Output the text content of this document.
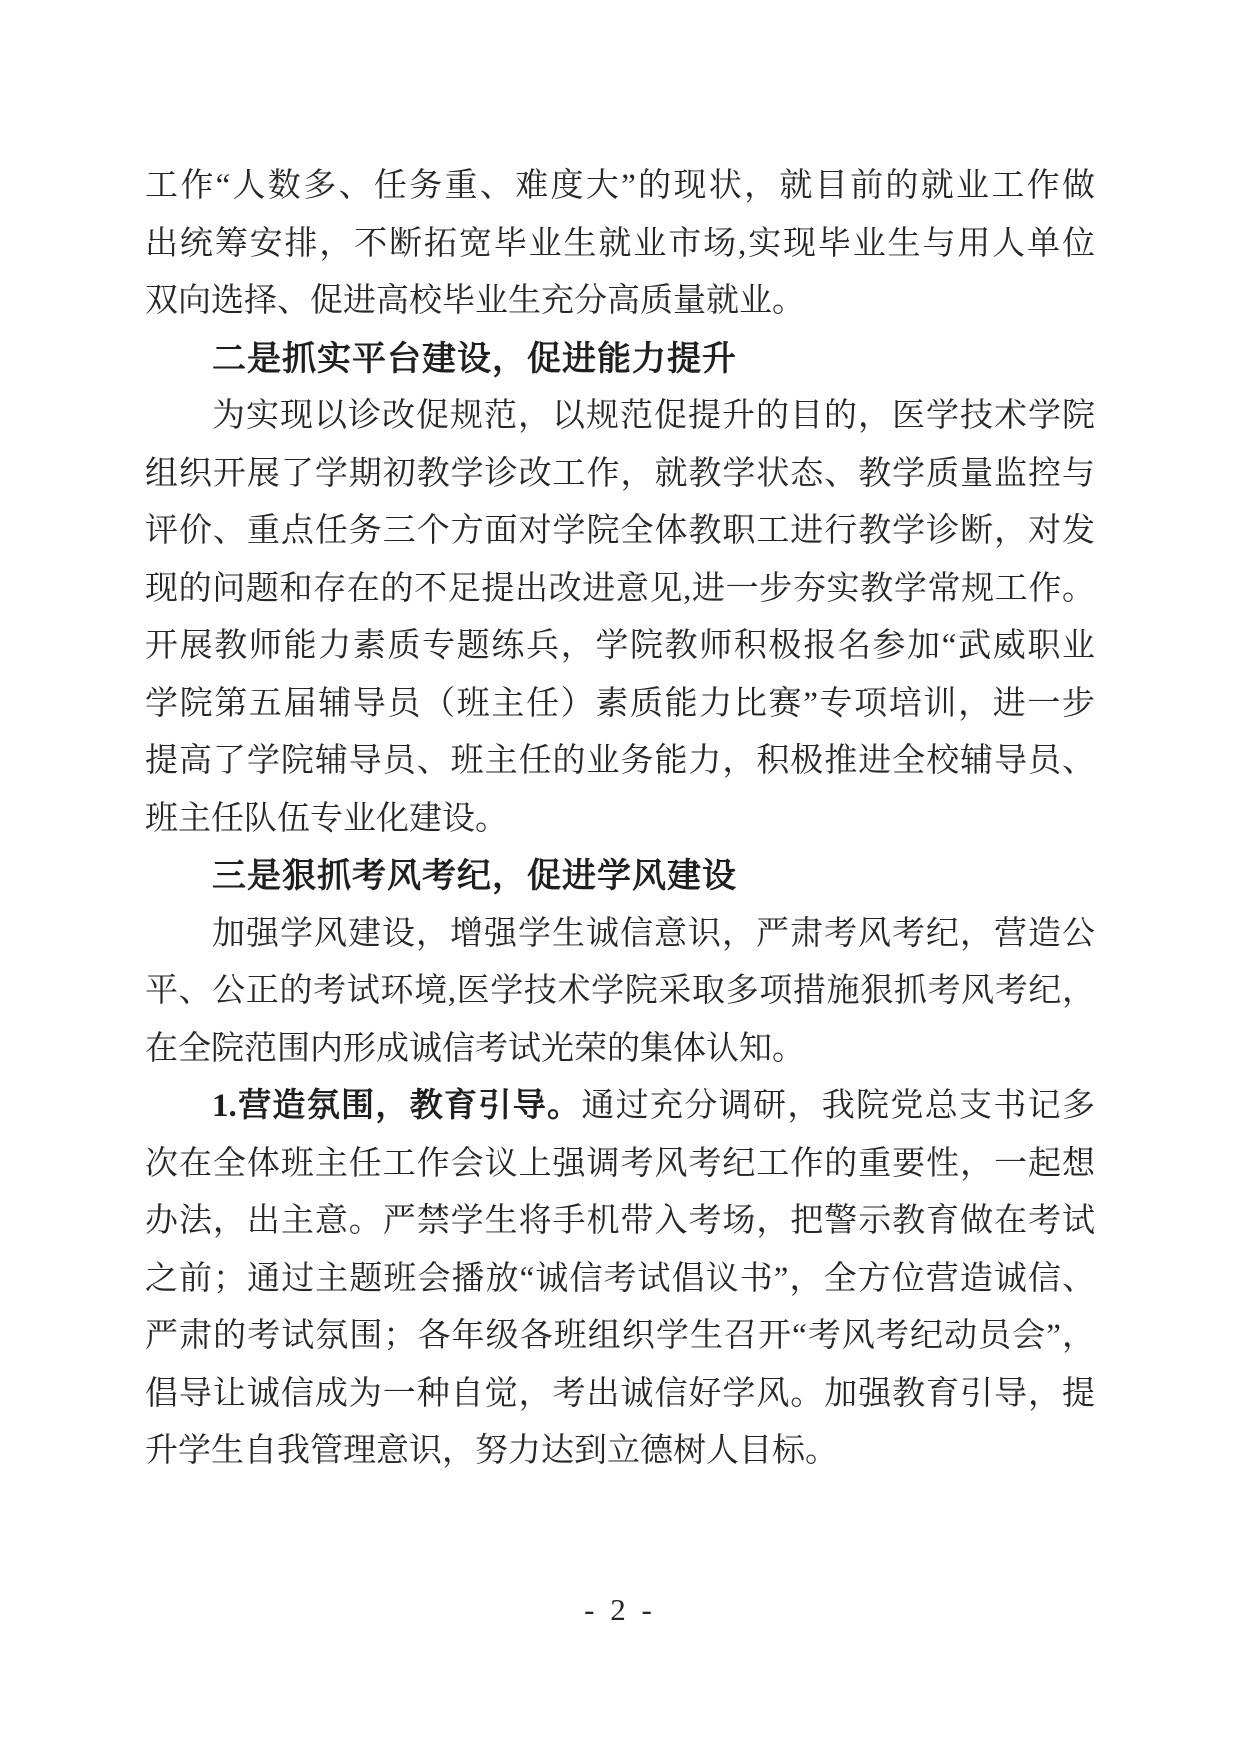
工作“人数多、任务重、难度大”的现状，就目前的就业工作做
出统筹安排，不断拓宽毕业生就业市场,实现毕业生与用人单位
双向选择、促进高校毕业生充分高质量就业。
二是抓实平台建设，促进能力提升
为实现以诊改促规范，以规范促提升的目的，医学技术学院
组织开展了学期初教学诊改工作，就教学状态、教学质量监控与
评价、重点任务三个方面对学院全体教职工进行教学诊断，对发
现的问题和存在的不足提出改进意见,进一步夯实教学常规工作。
开展教师能力素质专题练兵，学院教师积极报名参加“武威职业
学院第五届辅导员（班主任）素质能力比赛”专项培训，进一步
提高了学院辅导员、班主任的业务能力，积极推进全校辅导员、
班主任队伍专业化建设。
三是狠抓考风考纪，促进学风建设
加强学风建设，增强学生诚信意识，严肃考风考纪，营造公
平、公正的考试环境,医学技术学院采取多项措施狠抓考风考纪，
在全院范围内形成诚信考试光荣的集体认知。
1.营造氛围，教育引导。通过充分调研，我院党总支书记多
次在全体班主任工作会议上强调考风考纪工作的重要性，一起想
办法，出主意。严禁学生将手机带入考场，把警示教育做在考试
之前；通过主题班会播放“诚信考试倡议书”，全方位营造诚信、
严肃的考试氛围；各年级各班组织学生召开“考风考纪动员会”，
倡导让诚信成为一种自觉，考出诚信好学风。加强教育引导，提
升学生自我管理意识，努力达到立德树人目标。
- 2 -
